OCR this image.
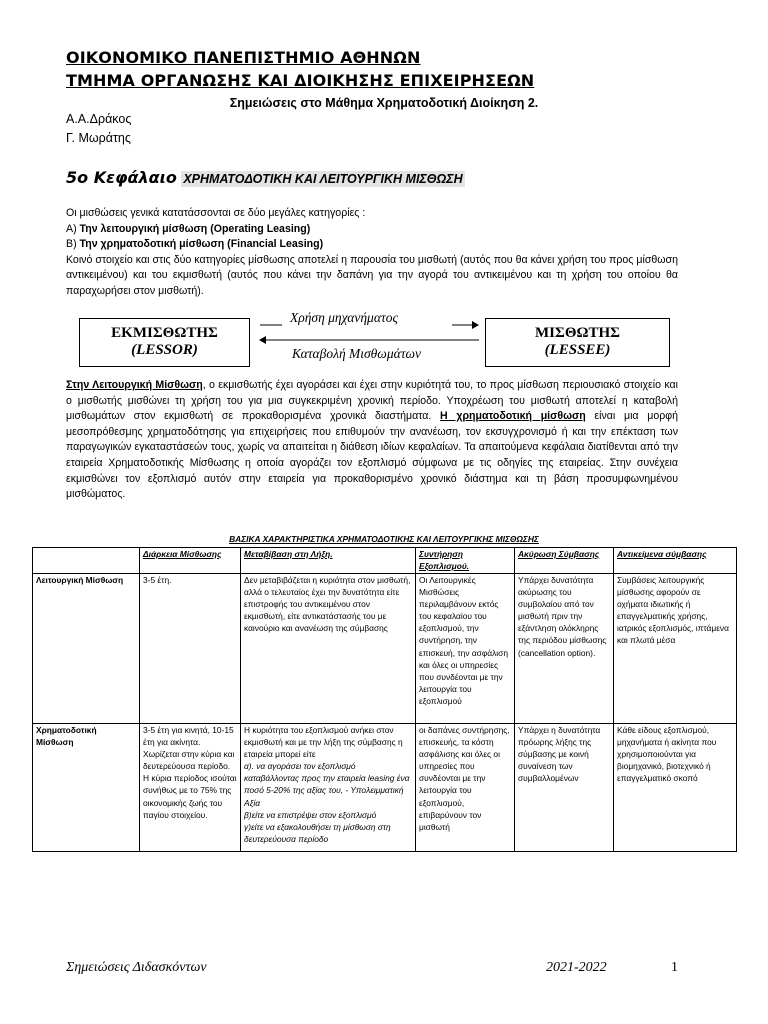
ΟΙΚΟΝΟΜΙΚΟ ΠΑΝΕΠΙΣΤΗΜΙΟ ΑΘΗΝΩΝ
ΤΜΗΜΑ ΟΡΓΑΝΩΣΗΣ ΚΑΙ ΔΙΟΙΚΗΣΗΣ ΕΠΙΧΕΙΡΗΣΕΩΝ
Σημειώσεις στο Μάθημα Χρηματοδοτική Διοίκηση 2.
Α.Α.Δράκος
Γ. Μωράτης
5ο Κεφάλαιο ΧΡΗΜΑΤΟΔΟΤΙΚΗ ΚΑΙ ΛΕΙΤΟΥΡΓΙΚΗ ΜΙΣΘΩΣΗ
Οι μισθώσεις γενικά κατατάσσονται σε δύο μεγάλες κατηγορίες :
Α) Την λειτουργική μίσθωση (Operating Leasing)
Β) Την χρηματοδοτική μίσθωση (Financial Leasing)
Κοινό στοιχείο και στις δύο κατηγορίες μίσθωσης αποτελεί η παρουσία του μισθωτή (αυτός που θα κάνει χρήση του προς μίσθωση αντικειμένου) και του εκμισθωτή (αυτός που κάνει την δαπάνη για την αγορά του αντικειμένου και τη χρήση του οποίου θα παραχωρήσει στον μισθωτή).
ΕΚΜΙΣΘΩΤΗΣ
(LESSOR)
ΜΙΣΘΩΤΗΣ
(LESSEE)
Χρήση μηχανήματος
Καταβολή Μισθωμάτων
Στην Λειτουργική Μίσθωση, ο εκμισθωτής έχει αγοράσει και έχει στην κυριότητά του, το προς μίσθωση περιουσιακό στοιχείο και ο μισθωτής μισθώνει τη χρήση του για μια συγκεκριμένη χρονική περίοδο. Υποχρέωση του μισθωτή αποτελεί η καταβολή μισθωμάτων στον εκμισθωτή σε προκαθορισμένα χρονικά διαστήματα. Η χρηματοδοτική μίσθωση είναι μια μορφή μεσοπρόθεσμης χρηματοδότησης για επιχειρήσεις που επιθυμούν την ανανέωση, τον εκσυγχρονισμό ή και την επέκταση των παραγωγικών εγκαταστάσεών τους, χωρίς να απαιτείται η διάθεση ιδίων κεφαλαίων. Τα απαιτούμενα κεφάλαια διατίθενται από την εταιρεία Χρηματοδοτικής Μίσθωσης η οποία αγοράζει τον εξοπλισμό σύμφωνα με τις οδηγίες της εταιρείας. Στην συνέχεια εκμισθώνει τον εξοπλισμό αυτόν στην εταιρεία για προκαθορισμένο χρονικό διάστημα και τη βάση προσυμφωνημένου μισθώματος.
ΒΑΣΙΚΑ ΧΑΡΑΚΤΗΡΙΣΤΙΚΑ ΧΡΗΜΑΤΟΔΟΤΙΚΗΣ ΚΑΙ ΛΕΙΤΟΥΡΓΙΚΗΣ ΜΙΣΘΩΣΗΣ
	Διάρκεια Μίσθωσης	Μεταβίβαση στη Λήξη.	Συντήρηση Εξοπλισμού.	Ακύρωση Σύμβασης	Αντικείμενα σύμβασης
Λειτουργική Μίσθωση	3-5 έτη.	Δεν μεταβιβάζεται η κυριότητα στον μισθωτή, αλλά ο τελευταίος έχει την δυνατότητα είτε επιστροφής του αντικειμένου στον εκμισθωτή, είτε αντικατάστασής του με καινούριο και ανανέωση της σύμβασης	Οι Λειτουργικές Μισθώσεις περιλαμβάνουν εκτός του κεφαλαίου του εξοπλισμού, την συντήρηση, την επισκευή, την ασφάλιση και όλες οι υπηρεσίες που συνδέονται με την λειτουργία του εξοπλισμού	Υπάρχει δυνατότητα ακύρωσης του συμβολαίου από τον μισθωτή πριν την εξάντληση ολόκληρης της περιόδου μίσθωσης (cancellation option).	Συμβάσεις λειτουργικής μίσθωσης αφορούν σε οχήματα ιδιωτικής ή επαγγελματικής χρήσης, ιατρικός εξοπλισμός, ιπτάμενα και πλωτά μέσα
Χρηματοδοτική Μίσθωση	3-5 έτη για κινητά, 10-15 έτη για ακίνητα. Χωρίζεται στην κύρια και δευτερεύουσα περίοδο. Η κύρια περίοδος ισούται συνήθως με το 75% της οικονομικής ζωής του παγίου στοιχείου.	Η κυριότητα του εξοπλισμού ανήκει στον εκμισθωτή και με την λήξη της σύμβασης η εταιρεία μπορεί είτε
α). να αγοράσει τον εξοπλισμό καταβάλλοντας προς την εταιρεία leasing ένα ποσό 5-20% της αξίας του, - Υπολειμματική Αξία
β)είτε να επιστρέψει στον εξοπλισμό
γ)είτε να εξακολουθήσει τη μίσθωση στη δευτερεύουσα περίοδο	οι δαπάνες συντήρησης, επισκευής, τα κόστη ασφάλισης και όλες οι υπηρεσίες που συνδέονται με την λειτουργία του εξοπλισμού, επιβαρύνουν τον μισθωτή	Υπάρχει η δυνατότητα πρόωρης λήξης της σύμβασης με κοινή συναίνεση των συμβαλλομένων	Κάθε είδους εξοπλισμού, μηχανήματα ή ακίνητα που χρησιμοποιούνται για βιομηχανικό, βιοτεχνικό ή επαγγελματικό σκοπό
Σημειώσεις Διδασκόντων	2021-2022	1
